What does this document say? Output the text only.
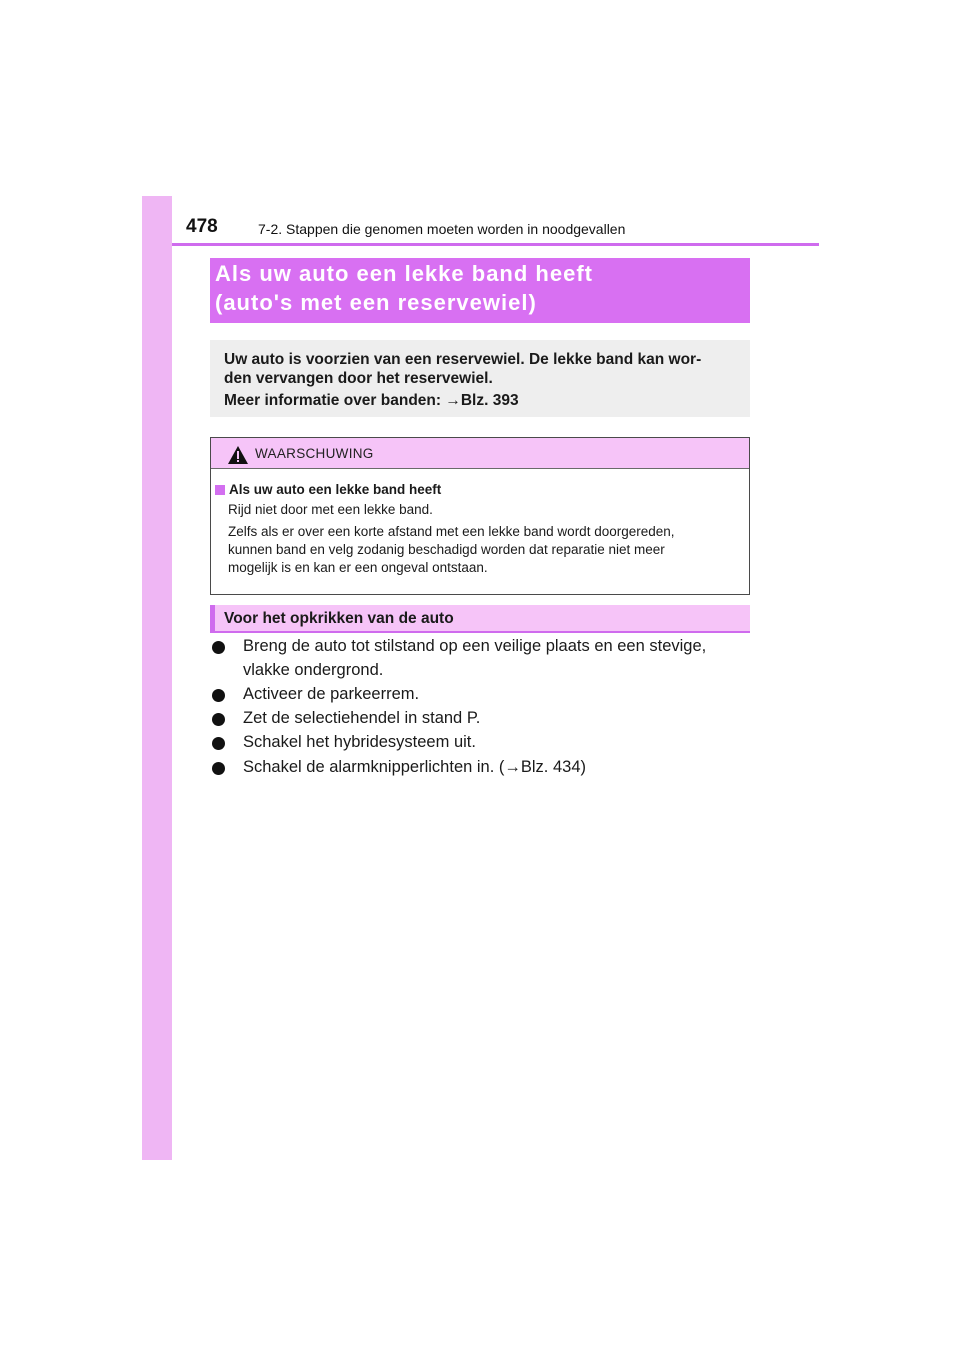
478	7-2. Stappen die genomen moeten worden in noodgevallen
Als uw auto een lekke band heeft
(auto's met een reservewiel)
Uw auto is voorzien van een reservewiel. De lekke band kan wor-
den vervangen door het reservewiel.
Meer informatie over banden: →Blz. 393
WAARSCHUWING
Als uw auto een lekke band heeft
Rijd niet door met een lekke band.
Zelfs als er over een korte afstand met een lekke band wordt doorgereden,
kunnen band en velg zodanig beschadigd worden dat reparatie niet meer
mogelijk is en kan er een ongeval ontstaan.
Voor het opkrikken van de auto
Breng de auto tot stilstand op een veilige plaats en een stevige,
vlakke ondergrond.
Activeer de parkeerrem.
Zet de selectiehendel in stand P.
Schakel het hybridesysteem uit.
Schakel de alarmknipperlichten in. (→Blz. 434)
